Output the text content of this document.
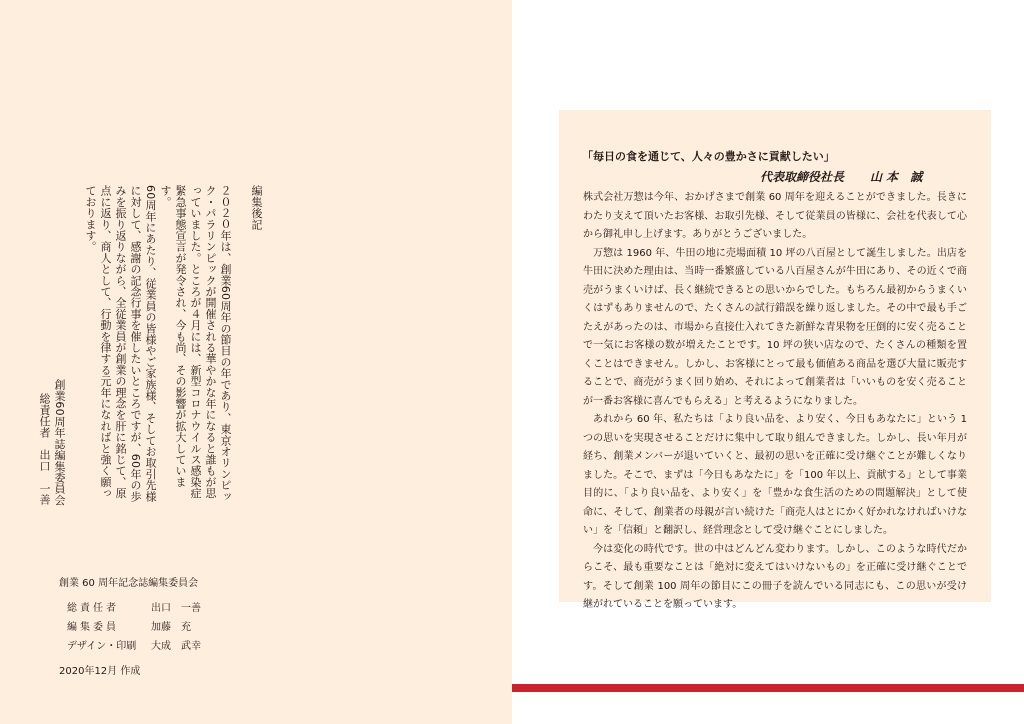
編集後記
２０２０年は、創業60周年の節目の年であり、東京オリンピック・パラリンピックが開催される華やかな年になると誰もが思っていました。ところが４月には、新型コロナウイルス感染症緊急事態宣言が発令され、今も尚、その影響が拡大しています。
60周年にあたり、従業員の皆様やご家族様、そしてお取引先様に対して、感謝の記念行事を催したいところですが、60年の歩みを振り返りながら、全従業員が創業の理念を肝に銘じて、原点に返り、商人として、行動を律する元年になればと強く願っております。
創業60周年誌編集委員会
総責任者　出口　一善
創業 60 周年記念誌編集委員会
総責任者	出口　一善
編集委員	加藤　充
デザイン・印刷	大成　武幸
2020年12月 作成
「毎日の食を通じて、人々の豊かさに貢献したい」
代表取締役社長 山本 誠

株式会社万惣は今年、おかげさまで創業 60 周年を迎えることができました。長きにわたり支えて頂いたお客様、お取引先様、そして従業員の皆様に、会社を代表して心から御礼申し上げます。ありがとうございました。

万惣は 1960 年、牛田の地に売場面積 10 坪の八百屋として誕生しました。出店を牛田に決めた理由は、当時一番繁盛している八百屋さんが牛田にあり、その近くで商売がうまくいけば、長く継続できるとの思いからでした。もちろん最初からうまくいくはずもありませんので、たくさんの試行錯誤を繰り返しました。その中で最も手ごたえがあったのは、市場から直接仕入れてきた新鮮な青果物を圧倒的に安く売ることで一気にお客様の数が増えたことです。10 坪の狭い店なので、たくさんの種類を置くことはできません。しかし、お客様にとって最も価値ある商品を選び大量に販売することで、商売がうまく回り始め、それによって創業者は「いいものを安く売ることが一番お客様に喜んでもらえる」と考えるようになりました。

あれから 60 年、私たちは「より良い品を、より安く、今日もあなたに」という 1 つの思いを実現させることだけに集中して取り組んできました。しかし、長い年月が経ち、創業メンバーが退いていくと、最初の思いを正確に受け継ぐことが難しくなりました。そこで、まずは「今日もあなたに」を「100 年以上、貢献する」として事業目的に、「より良い品を、より安く」を「豊かな食生活のための問題解決」として使命に、そして、創業者の母親が言い続けた「商売人はとにかく好かれなければいけない」を「信頼」と翻訳し、経営理念として受け継ぐことにしました。

今は変化の時代です。世の中はどんどん変わります。しかし、このような時代だからこそ、最も重要なことは「絶対に変えてはいけないもの」を正確に受け継ぐことです。そして創業 100 周年の節目にこの冊子を読んでいる同志にも、この思いが受け継がれていることを願っています。
